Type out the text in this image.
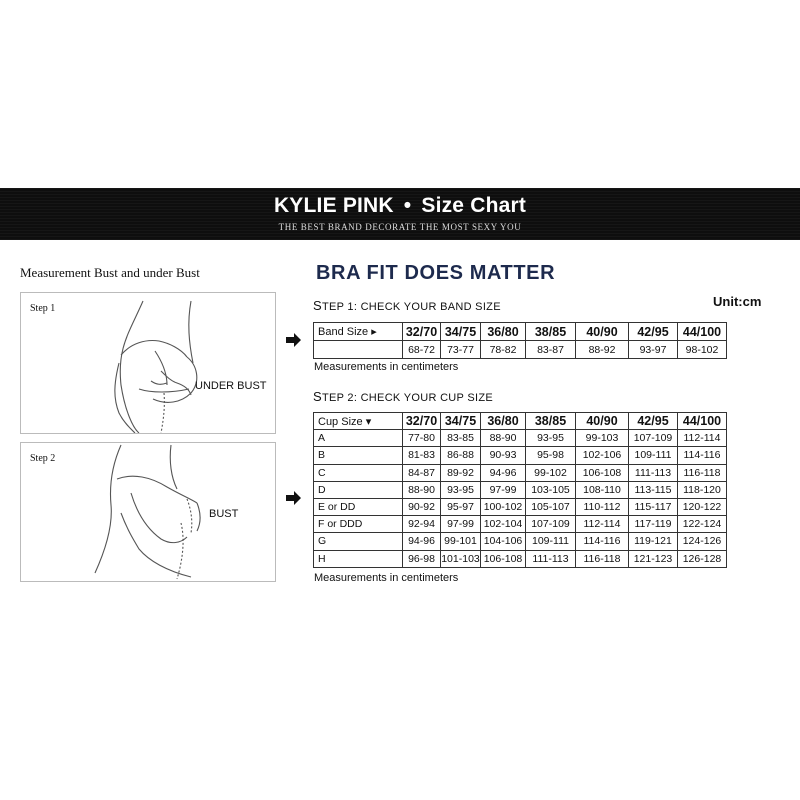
KYLIE PINK • Size Chart
THE BEST BRAND DECORATE THE MOST SEXY YOU
Measurement Bust and under Bust
Step 1
UNDER BUST
Step 2
BUST
BRA FIT DOES MATTER
STEP 1: CHECK YOUR BAND SIZE	Unit:cm
Band Size ▸	32/70	34/75	36/80	38/85	40/90	42/95	44/100
	68-72	73-77	78-82	83-87	88-92	93-97	98-102
Measurements in centimeters
STEP 2: CHECK YOUR CUP SIZE
Cup Size ▾	32/70	34/75	36/80	38/85	40/90	42/95	44/100
A	77-80	83-85	88-90	93-95	99-103	107-109	112-114
B	81-83	86-88	90-93	95-98	102-106	109-111	114-116
C	84-87	89-92	94-96	99-102	106-108	111-113	116-118
D	88-90	93-95	97-99	103-105	108-110	113-115	118-120
E or DD	90-92	95-97	100-102	105-107	110-112	115-117	120-122
F or DDD	92-94	97-99	102-104	107-109	112-114	117-119	122-124
G	94-96	99-101	104-106	109-111	114-116	119-121	124-126
H	96-98	101-103	106-108	111-113	116-118	121-123	126-128
Measurements in centimeters
